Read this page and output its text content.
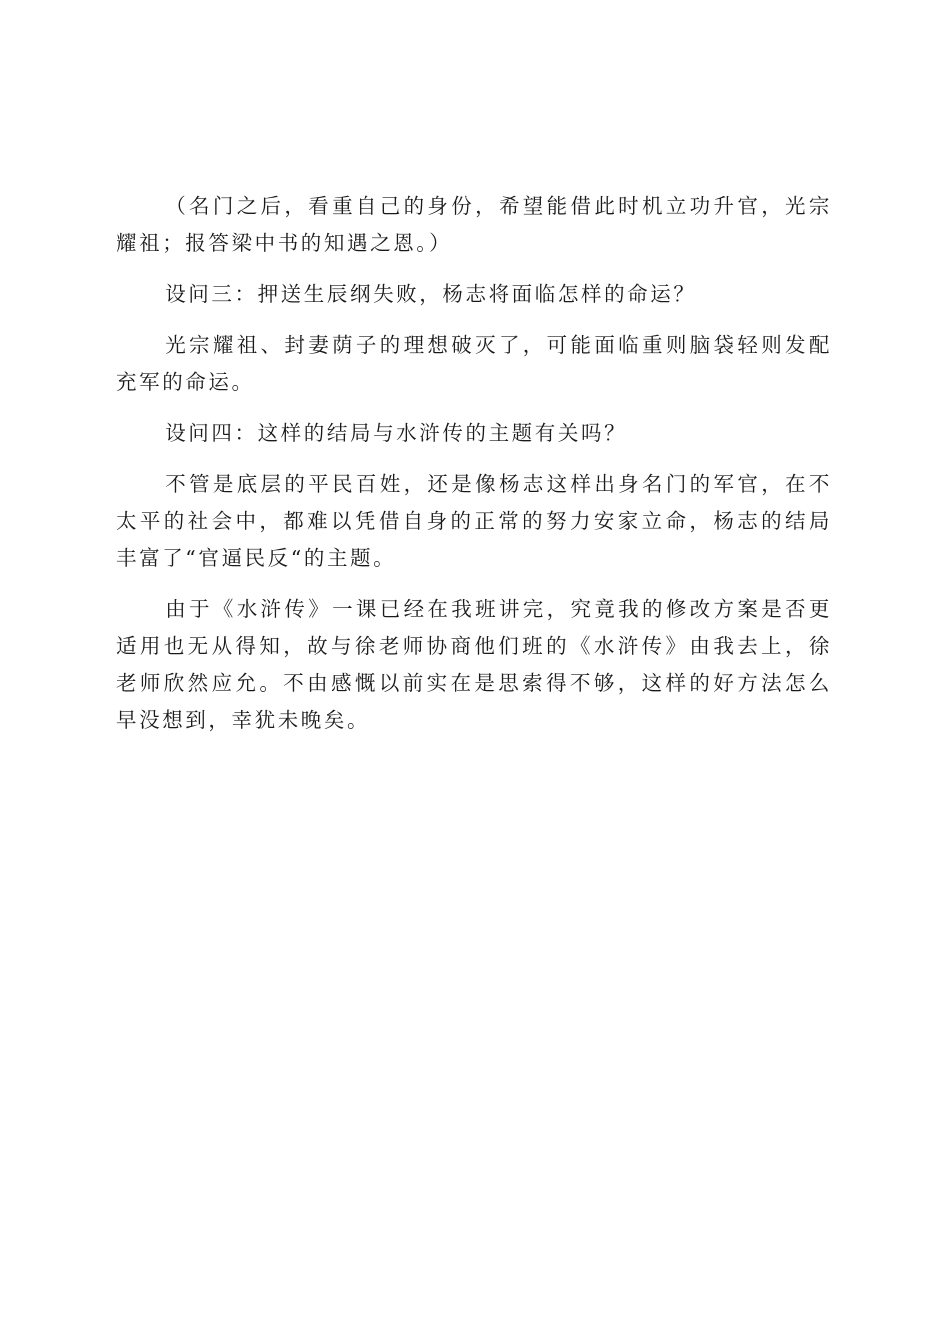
（名门之后，看重自己的身份，希望能借此时机立功升官，光宗耀祖；报答梁中书的知遇之恩。）

设问三：押送生辰纲失败，杨志将面临怎样的命运？

光宗耀祖、封妻荫子的理想破灭了，可能面临重则脑袋轻则发配充军的命运。

设问四：这样的结局与水浒传的主题有关吗？

不管是底层的平民百姓，还是像杨志这样出身名门的军官，在不太平的社会中，都难以凭借自身的正常的努力安家立命，杨志的结局丰富了“官逼民反“的主题。

由于《水浒传》一课已经在我班讲完，究竟我的修改方案是否更适用也无从得知，故与徐老师协商他们班的《水浒传》由我去上，徐老师欣然应允。不由感慨以前实在是思索得不够，这样的好方法怎么早没想到，幸犹未晚矣。
